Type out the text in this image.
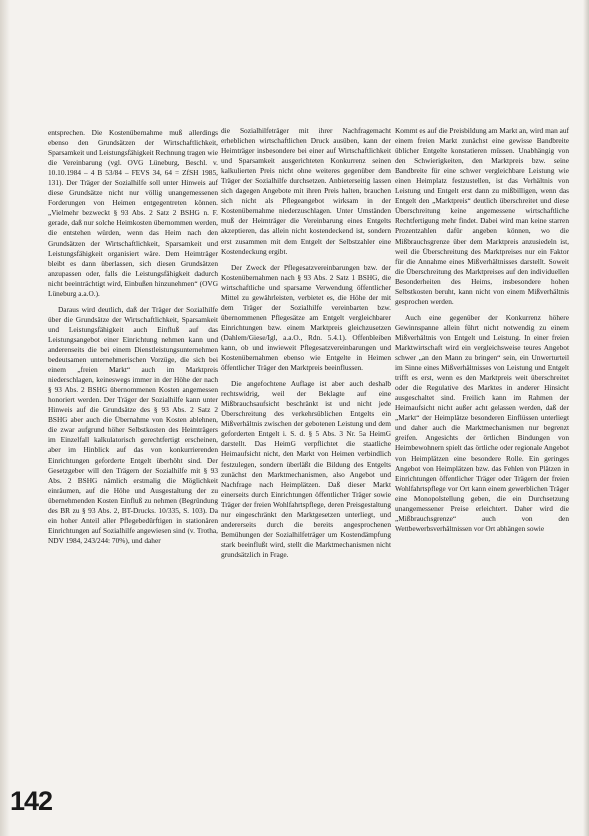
entsprechen. Die Kostenübernahme muß allerdings ebenso den Grundsätzen der Wirtschaftlichkeit, Sparsamkeit und Leistungsfähigkeit Rechnung tragen wie die Vereinbarung (vgl. OVG Lüneburg, Beschl. v. 10.10.1984 – 4 B 53/84 – FEVS 34, 64 = ZfSH 1985, 131). Der Träger der Sozialhilfe soll unter Hinweis auf diese Grundsätze nicht nur völlig unangemessenen Forderungen von Heimen entgegentreten können. „Vielmehr bezweckt § 93 Abs. 2 Satz 2 BSHG n. F. gerade, daß nur solche Heimkosten übernommen werden, die entstehen würden, wenn das Heim nach den Grundsätzen der Wirtschaftlichkeit, Sparsamkeit und Leistungsfähigkeit organisiert wäre. Dem Heimträger bleibt es dann überlassen, sich diesen Grundsätzen anzupassen oder, falls die Leistungsfähigkeit dadurch nicht beeinträchtigt wird, Einbußen hinzunehmen“ (OVG Lüneburg a.a.O.).

Daraus wird deutlich, daß der Träger der Sozialhilfe über die Grundsätze der Wirtschaftlichkeit, Sparsamkeit und Leistungsfähigkeit auch Einfluß auf das Leistungsangebot einer Einrichtung nehmen kann und anderenseits die bei einem Dienstleistungsunternehmen bedeutsamen unternehmerischen Vorzüge, die sich bei einem „freien Markt“ auch im Marktpreis niederschlagen, keineswegs immer in der Höhe der nach § 93 Abs. 2 BSHG übernommenen Kosten angemessen honoriert werden. Der Träger der Sozialhilfe kann unter Hinweis auf die Grundsätze des § 93 Abs. 2 Satz 2 BSHG aber auch die Übernahme von Kosten ablehnen, die zwar aufgrund höher Selbstkosten des Heimträgers im Einzelfall kalkulatorisch gerechtfertigt erscheinen, aber im Hinblick auf das von konkurrierenden Einrichtungen geforderte Entgelt überhöht sind. Der Gesetzgeber will den Trägern der Sozialhilfe mit § 93 Abs. 2 BSHG nämlich erstmalig die Möglichkeit einräumen, auf die Höhe und Ausgestaltung der zu übernehmenden Kosten Einfluß zu nehmen (Begründung des BR zu § 93 Abs. 2, BT-Drucks. 10/335, S. 103). Da ein hoher Anteil aller Pflegebedürftigen in stationären Einrichtungen auf Sozialhilfe angewiesen sind (v. Trotha, NDV 1984, 243/244: 70%), und daher

die Sozialhilfeträger mit ihrer Nachfragemacht erheblichen wirtschaftlichen Druck ausüben, kann der Heimträger insbesondere bei einer auf Wirtschaftlichkeit und Sparsamkeit ausgerichteten Konkurrenz seinen kalkulierten Preis nicht ohne weiteres gegenüber dem Träger der Sozialhilfe durchsetzen. Anbieterseitig lassen sich dagegen Angebote mit ihren Preis halten, brauchen sich nicht als Pflegeangebot wirksam in der Kostenübernahme niederzuschlagen. Unter Umständen muß der Heimträger die Vereinbarung eines Entgelts akzeptieren, das allein nicht kostendeckend ist, sondern erst zusammen mit dem Entgelt der Selbstzahler eine Kostendeckung ergibt.

Der Zweck der Pflegesatzvereinbarungen bzw. der Kostenübernahmen nach § 93 Abs. 2 Satz 1 BSHG, die wirtschaftliche und sparsame Verwendung öffentlicher Mittel zu gewährleisten, verbietet es, die Höhe der mit dem Träger der Sozialhilfe vereinbarten bzw. übernommenen Pflegesätze am Entgelt vergleichbarer Einrichtungen bzw. einem Marktpreis gleichzusetzen (Dahlem/Giese/Igl, a.a.O., Rdn. 5.4.1). Offenbleiben kann, ob und inwieweit Pflegesatzvereinbarungen und Kostenübernahmen ebenso wie Entgelte in Heimen öffentlicher Träger den Marktpreis beeinflussen.

Die angefochtene Auflage ist aber auch deshalb rechtswidrig, weil der Beklagte auf eine Mißbrauchsaufsicht beschränkt ist und nicht jede Überschreitung des verkehrsüblichen Entgelts ein Mißverhältnis zwischen der gebotenen Leistung und dem geforderten Entgelt i. S. d. § 5 Abs. 3 Nr. 5a HeimG darstellt. Das HeimG verpflichtet die staatliche Heimaufsicht nicht, den Markt von Heimen verbindlich festzulegen, sondern überläßt die Bildung des Entgelts zunächst den Marktmechanismen, also Angebot und Nachfrage nach Heimplätzen. Daß dieser Markt einerseits durch Einrichtungen öffentlicher Träger sowie Träger der freien Wohlfahrtspflege, deren Preisgestaltung nur eingeschränkt den Marktgesetzen unterliegt, und andererseits durch die bereits angesprochenen Bemühungen der Sozialhilfeträger um Kostendämpfung stark beeinflußt wird, stellt die Marktmechanismen nicht grundsätzlich in Frage.

Kommt es auf die Preisbildung am Markt an, wird man auf einem freien Markt zunächst eine gewisse Bandbreite üblicher Entgelte konstatieren müssen. Unabhängig von den Schwierigkeiten, den Marktpreis bzw. seine Bandbreite für eine schwer vergleichbare Leistung wie einen Heimplatz festzustellen, ist das Verhältnis von Leistung und Entgelt erst dann zu mißbilligen, wenn das Entgelt den „Marktpreis“ deutlich überschreitet und diese Überschreitung keine angemessene wirtschaftliche Rechtfertigung mehr findet. Dabei wird man keine starren Prozentzahlen dafür angeben können, wo die Mißbrauchsgrenze über dem Marktpreis anzusiedeln ist, weil die Überschreitung des Marktpreises nur ein Faktor für die Annahme eines Mißverhältnisses darstellt. Soweit die Überschreitung des Marktpreises auf den individuellen Besonderheiten des Heims, insbesondere hohen Selbstkosten beruht, kann nicht von einem Mißverhältnis gesprochen werden.

Auch eine gegenüber der Konkurrenz höhere Gewinnspanne allein führt nicht notwendig zu einem Mißverhältnis von Entgelt und Leistung. In einer freien Marktwirtschaft wird ein vergleichsweise teures Angebot schwer „an den Mann zu bringen“ sein, ein Unwerturteil im Sinne eines Mißverhältnisses von Leistung und Entgelt trifft es erst, wenn es den Marktpreis weit überschreitet oder die Regulative des Marktes in anderer Hinsicht ausgeschaltet sind. Freilich kann im Rahmen der Heimaufsicht nicht außer acht gelassen werden, daß der „Markt“ der Heimplätze besonderen Einflüssen unterliegt und daher auch die Marktmechanismen nur begrenzt greifen. Angesichts der örtlichen Bindungen von Heimbewohnern spielt das örtliche oder regionale Angebot von Heimplätzen eine besondere Rolle. Ein geringes Angebot von Heimplätzen bzw. das Fehlen von Plätzen in Einrichtungen öffentlicher Träger oder Trägern der freien Wohlfahrtspflege vor Ort kann einem gewerblichen Träger eine Monopolstellung geben, die ein Durchsetzung unangemessener Preise erleichtert. Daher wird die „Mißbrauchsgrenze“ auch von den Wettbewerbsverhältnissen vor Ort abhängen sowie

142
